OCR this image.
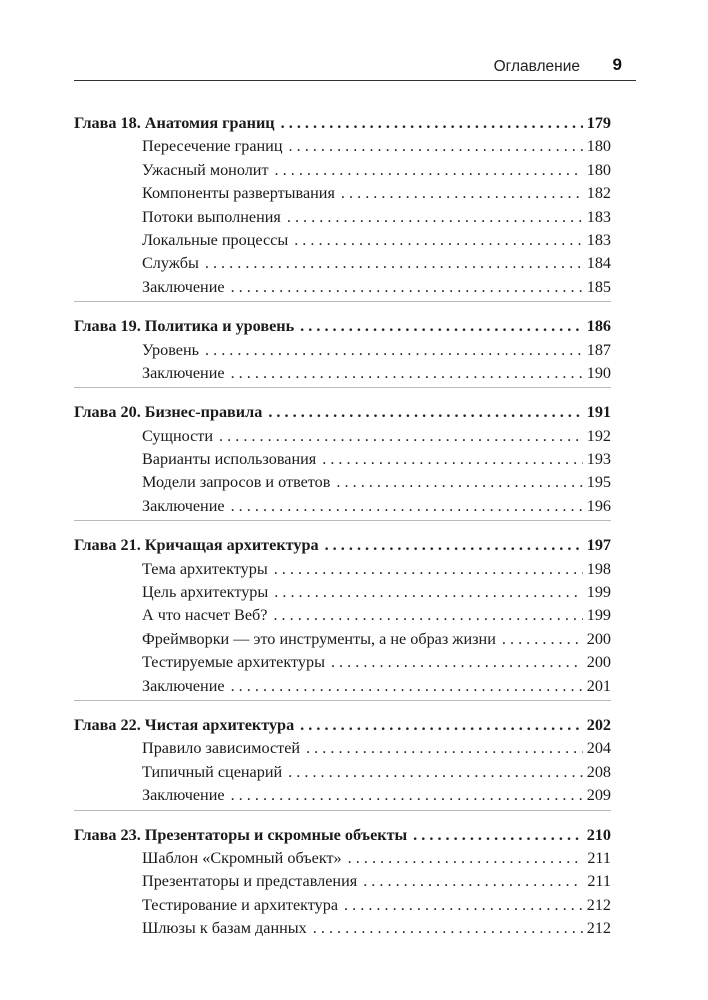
Оглавление 9
Глава 18. Анатомия границ . . .	179
Пересечение границ . . .	180
Ужасный монолит . . .	180
Компоненты развертывания . . .	182
Потоки выполнения . . .	183
Локальные процессы . . .	183
Службы . . .	184
Заключение . . .	185
Глава 19. Политика и уровень . . .	186
Уровень . . .	187
Заключение . . .	190
Глава 20. Бизнес-правила . . .	191
Сущности . . .	192
Варианты использования . . .	193
Модели запросов и ответов . . .	195
Заключение . . .	196
Глава 21. Кричащая архитектура . . .	197
Тема архитектуры . . .	198
Цель архитектуры . . .	199
А что насчет Веб? . . .	199
Фреймворки — это инструменты, а не образ жизни . . .	200
Тестируемые архитектуры . . .	200
Заключение . . .	201
Глава 22. Чистая архитектура . . .	202
Правило зависимостей . . .	204
Типичный сценарий . . .	208
Заключение . . .	209
Глава 23. Презентаторы и скромные объекты . . .	210
Шаблон «Скромный объект» . . .	211
Презентаторы и представления . . .	211
Тестирование и архитектура . . .	212
Шлюзы к базам данных . . .	212
